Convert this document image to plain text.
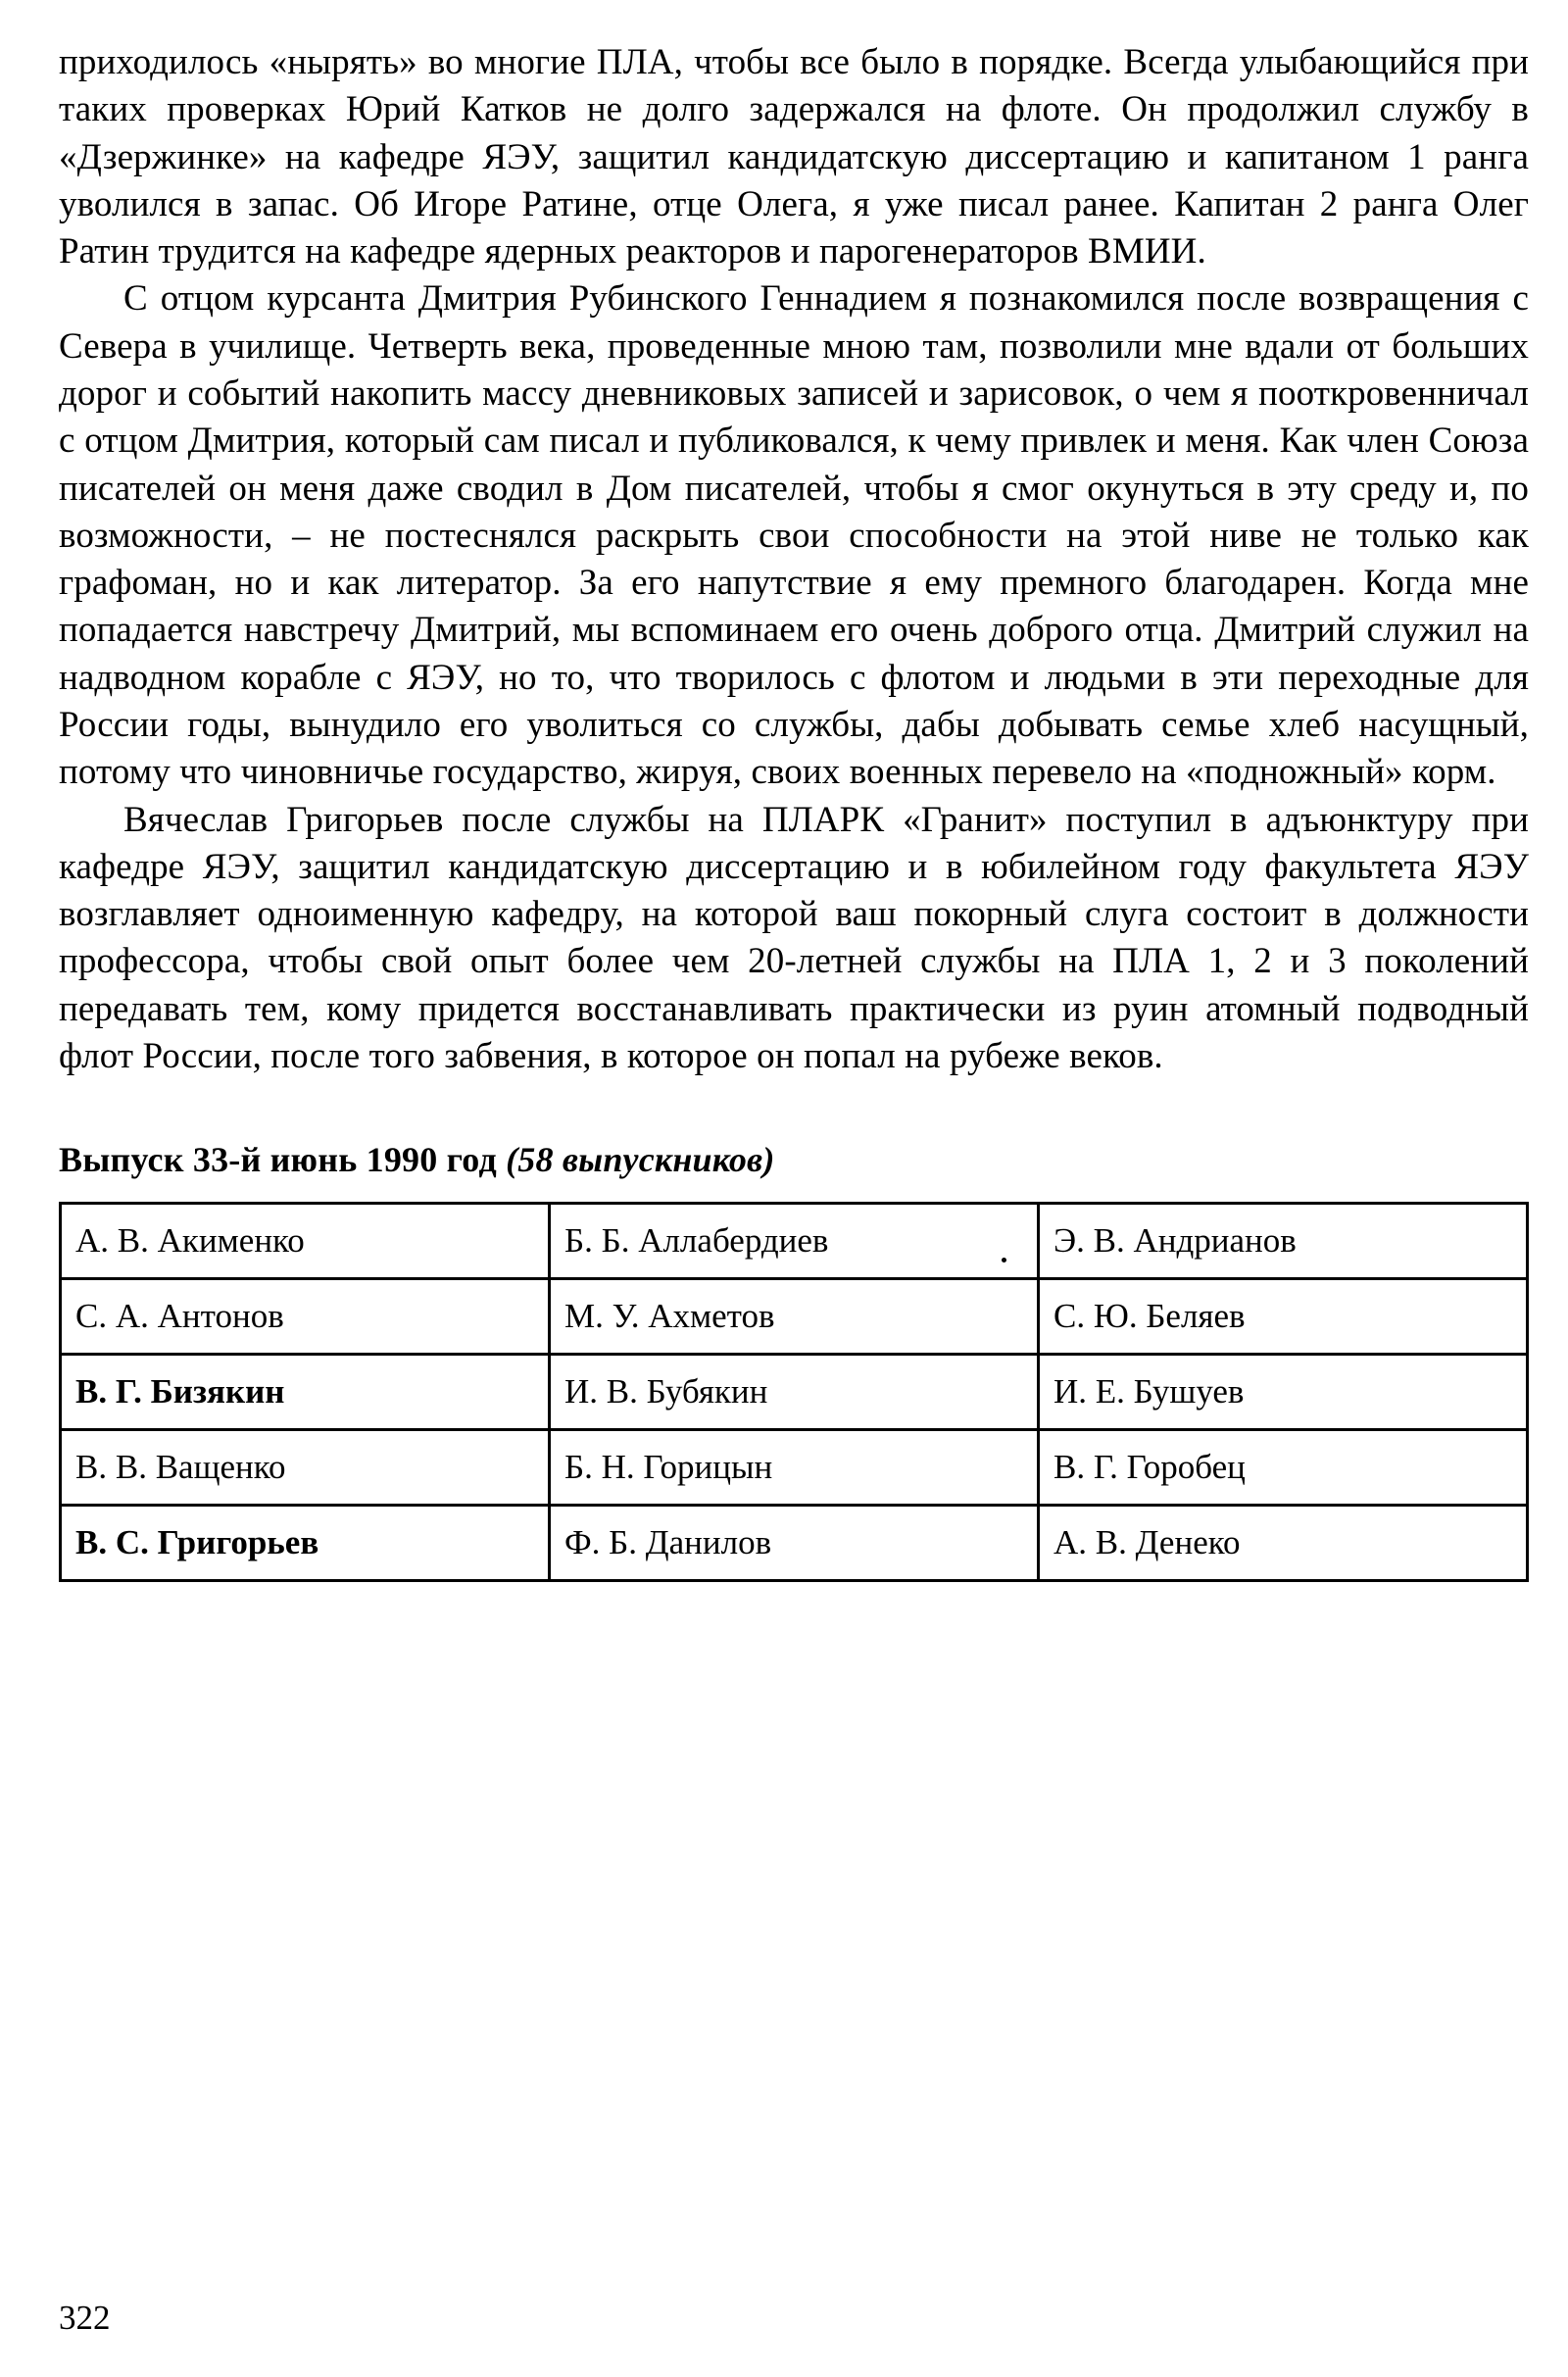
приходилось «нырять» во многие ПЛА, чтобы все было в порядке. Всегда улыбающийся при таких проверках Юрий Катков не долго задержался на флоте. Он продолжил службу в «Дзержинке» на кафедре ЯЭУ, защитил кандидатскую диссертацию и капитаном 1 ранга уволился в запас. Об Игоре Ратине, отце Олега, я уже писал ранее. Капитан 2 ранга Олег Ратин трудится на кафедре ядерных реакторов и парогенераторов ВМИИ.

С отцом курсанта Дмитрия Рубинского Геннадием я познакомился после возвращения с Севера в училище. Четверть века, проведенные мною там, позволили мне вдали от больших дорог и событий накопить массу дневниковых записей и зарисовок, о чем я пооткровенничал с отцом Дмитрия, который сам писал и публиковался, к чему привлек и меня. Как член Союза писателей он меня даже сводил в Дом писателей, чтобы я смог окунуться в эту среду и, по возможности, – не постеснялся раскрыть свои способности на этой ниве не только как графоман, но и как литератор. За его напутствие я ему премного благодарен. Когда мне попадается навстречу Дмитрий, мы вспоминаем его очень доброго отца. Дмитрий служил на надводном корабле с ЯЭУ, но то, что творилось с флотом и людьми в эти переходные для России годы, вынудило его уволиться со службы, дабы добывать семье хлеб насущный, потому что чиновничье государство, жируя, своих военных перевело на «подножный» корм.

Вячеслав Григорьев после службы на ПЛАРК «Гранит» поступил в адъюнктуру при кафедре ЯЭУ, защитил кандидатскую диссертацию и в юбилейном году факультета ЯЭУ возглавляет одноименную кафедру, на которой ваш покорный слуга состоит в должности профессора, чтобы свой опыт более чем 20-летней службы на ПЛА 1, 2 и 3 поколений передавать тем, кому придется восстанавливать практически из руин атомный подводный флот России, после того забвения, в которое он попал на рубеже веков.

Выпуск 33-й июнь 1990 год (58 выпускников)
А. В. Акименко	Б. Б. Аллабердиев	Э. В. Андрианов
С. А. Антонов	М. У. Ахметов	С. Ю. Беляев
В. Г. Бизякин	И. В. Бубякин	И. Е. Бушуев
В. В. Ващенко	Б. Н. Горицын	В. Г. Горобец
В. С. Григорьев	Ф. Б. Данилов	А. В. Денеко
322
